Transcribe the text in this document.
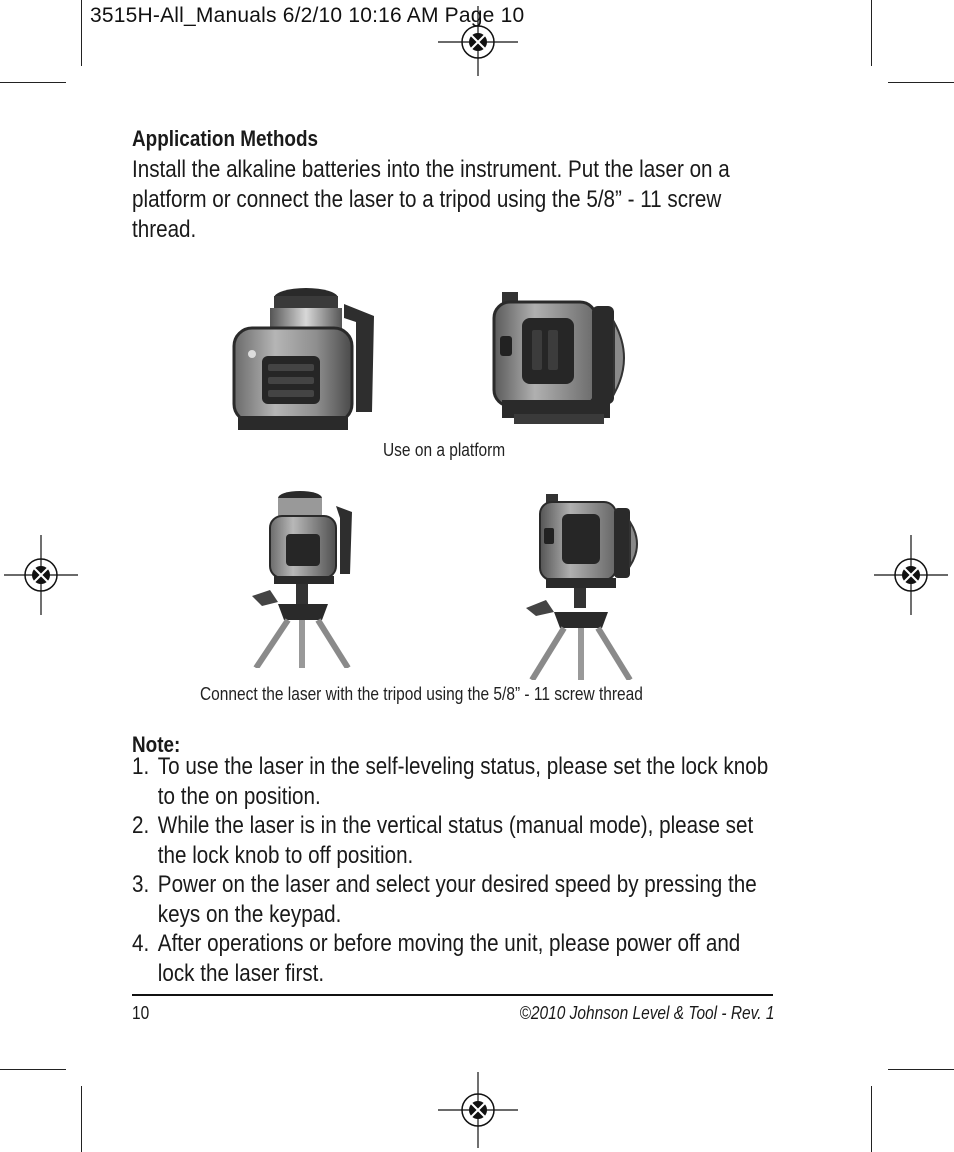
3515H-All_Manuals 6/2/10 10:16 AM Page 10
Application Methods
Install the alkaline batteries into the instrument. Put the laser on a platform or connect the laser to a tripod using the 5/8” - 11 screw thread.
Use on a platform
Connect the laser with the tripod using the 5/8” - 11 screw thread
Note:
1. To use the laser in the self-leveling status, please set the lock knob to the on position.
2. While the laser is in the vertical status (manual mode), please set the lock knob to off position.
3. Power on the laser and select your desired speed by pressing the keys on the keypad.
4. After operations or before moving the unit, please power off and lock the laser first.
10	©2010 Johnson Level & Tool - Rev. 1
